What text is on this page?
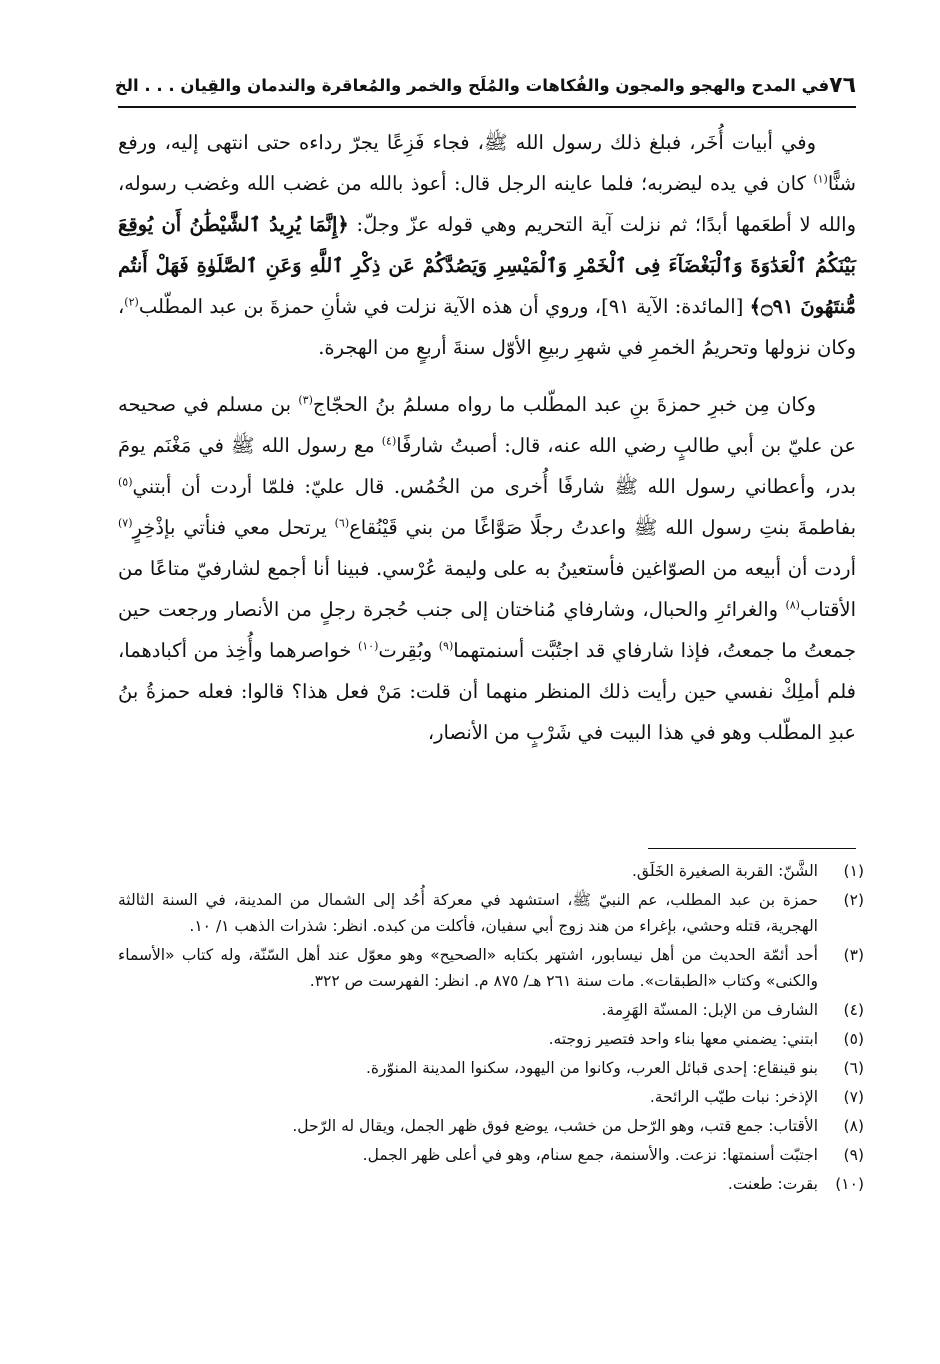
٧٦
في المدح والهجو والمجون والفُكاهات والمُلَح والخمر والمُعاقرة والندمان والقِيان . . . الخ

وفي أبيات أُخَر، فبلغ ذلك رسول الله ﷺ، فجاء فَزِعًا يجرّ رداءه حتى انتهى إليه، ورفع شنًّا$^{(١)}$ كان في يده ليضربه؛ فلما عاينه الرجل قال: أعوذ بالله من غضب الله وغضب رسوله، والله لا أطعَمها أبدًا؛ ثم نزلت آية التحريم وهي قوله عزّ وجلّ: ﴿إِنَّمَا يُرِيدُ ٱلشَّيْطَٰنُ أَن يُوقِعَ بَيْنَكُمُ ٱلْعَدَٰوَةَ وَٱلْبَغْضَآءَ فِى ٱلْخَمْرِ وَٱلْمَيْسِرِ وَيَصُدَّكُمْ عَن ذِكْرِ ٱللَّهِ وَعَنِ ٱلصَّلَوٰةِ فَهَلْ أَنتُم مُّنتَهُونَ ۝٩١﴾ [المائدة: الآية ٩١]، وروي أن هذه الآية نزلت في شأنِ حمزةَ بن عبد المطّلب$^{(٢)}$، وكان نزولها وتحريمُ الخمرِ في شهرِ ربيعِ الأوّل سنةَ أربعٍ من الهجرة.

وكان مِن خبرِ حمزةَ بنِ عبد المطّلب ما رواه مسلمُ بنُ الحجّاج$^{(٣)}$ بن مسلم في صحيحه عن عليّ بن أبي طالبٍ رضي الله عنه، قال: أصبتُ شارفًا$^{(٤)}$ مع رسول الله ﷺ في مَغْنَم يومَ بدر، وأعطاني رسول الله ﷺ شارفًا أُخرى من الخُمُس. قال عليّ: فلمّا أردت أن أبتني$^{(٥)}$ بفاطمةَ بنتِ رسول الله ﷺ واعدتُ رجلًا صَوَّاغًا من بني قَيْنُقاع$^{(٦)}$ يرتحل معي فنأتي بإذْخِرٍ$^{(٧)}$ أردت أن أبيعه من الصوّاغين فأستعينُ به على وليمة عُرْسي. فبينا أنا أجمع لشارفيّ متاعًا من الأقتاب$^{(٨)}$ والغرائرِ والحبال، وشارفاي مُناختان إلى جنب حُجرة رجلٍ من الأنصار ورجعت حين جمعتُ ما جمعتُ، فإذا شارفاي قد اجتُبَّت أسنمتهما$^{(٩)}$ وبُقِرت$^{(١٠)}$ خواصرهما وأُخِذ من أكبادهما، فلم أملِكْ نفسي حين رأيت ذلك المنظر منهما أن قلت: مَنْ فعل هذا؟ قالوا: فعله حمزةُ بنُ عبدِ المطّلب وهو في هذا البيت في شَرْبٍ من الأنصار،

(١)
الشَّنّ: القربة الصغيرة الخَلَق.
(٢)
حمزة بن عبد المطلب، عم النبيّ ﷺ، استشهد في معركة أُحُد إلى الشمال من المدينة، في السنة الثالثة الهجرية، قتله وحشي، بإغراء من هند زوج أبي سفيان، فأكلت من كبده. انظر: شذرات الذهب ١/ ١٠.
(٣)
أحد أئمّة الحديث من أهل نيسابور، اشتهر بكتابه «الصحيح» وهو معوّل عند أهل السّنّة، وله كتاب «الأسماء والكنى» وكتاب «الطبقات». مات سنة ٢٦١ هـ/ ٨٧٥ م. انظر: الفهرست ص ٣٢٢.
(٤)
الشارف من الإبل: المسنّة الهَرِمة.
(٥)
ابتني: يضمني معها بناء واحد فتصير زوجته.
(٦)
بنو قينقاع: إحدى قبائل العرب، وكانوا من اليهود، سكنوا المدينة المنوّرة.
(٧)
الإذخر: نبات طيّب الرائحة.
(٨)
الأقتاب: جمع قتب، وهو الرّحل من خشب، يوضع فوق ظهر الجمل، ويقال له الرّحل.
(٩)
اجتبّت أسنمتها: نزعت. والأسنمة، جمع سنام، وهو في أعلى ظهر الجمل.
(١٠)
بقرت: طعنت.
